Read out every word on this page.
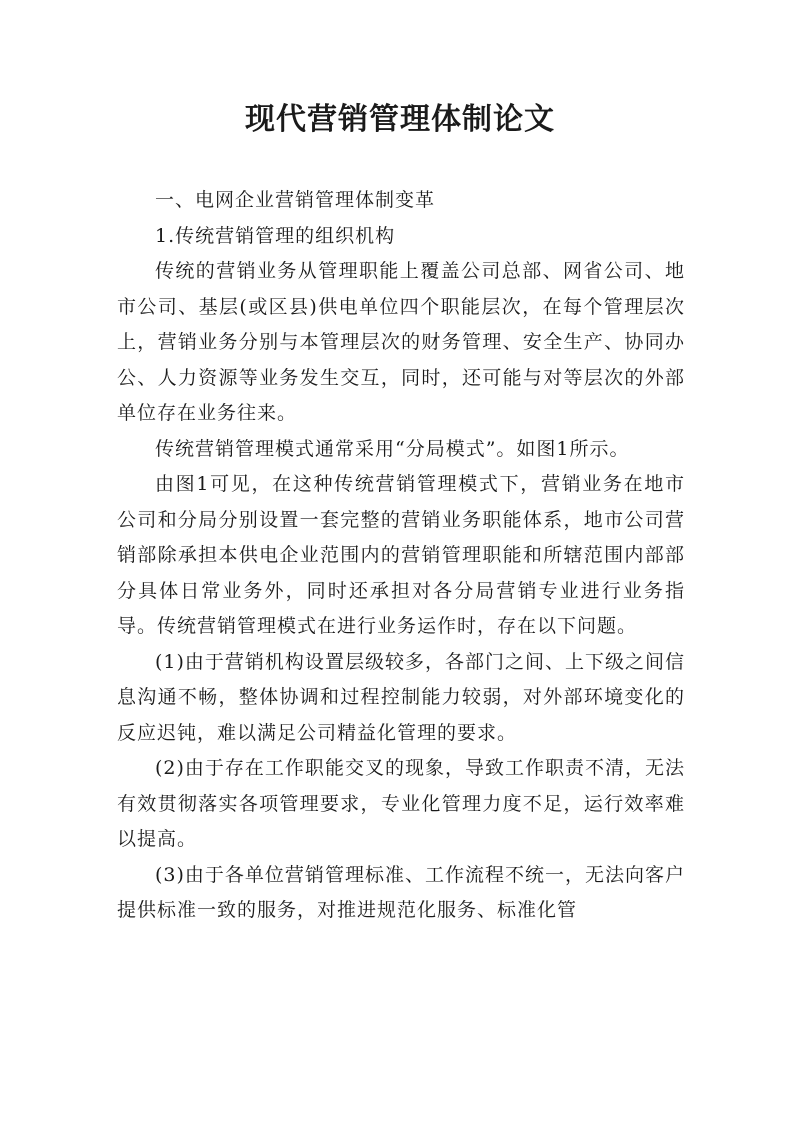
现代营销管理体制论文

一、电网企业营销管理体制变革

1.传统营销管理的组织机构

传统的营销业务从管理职能上覆盖公司总部、网省公司、地市公司、基层(或区县)供电单位四个职能层次，在每个管理层次上，营销业务分别与本管理层次的财务管理、安全生产、协同办公、人力资源等业务发生交互，同时，还可能与对等层次的外部单位存在业务往来。

传统营销管理模式通常采用“分局模式”。如图1所示。

由图1可见，在这种传统营销管理模式下，营销业务在地市公司和分局分别设置一套完整的营销业务职能体系，地市公司营销部除承担本供电企业范围内的营销管理职能和所辖范围内部部分具体日常业务外，同时还承担对各分局营销专业进行业务指导。传统营销管理模式在进行业务运作时，存在以下问题。

(1)由于营销机构设置层级较多，各部门之间、上下级之间信息沟通不畅，整体协调和过程控制能力较弱，对外部环境变化的反应迟钝，难以满足公司精益化管理的要求。

(2)由于存在工作职能交叉的现象，导致工作职责不清，无法有效贯彻落实各项管理要求，专业化管理力度不足，运行效率难以提高。

(3)由于各单位营销管理标准、工作流程不统一，无法向客户提供标准一致的服务，对推进规范化服务、标准化管
